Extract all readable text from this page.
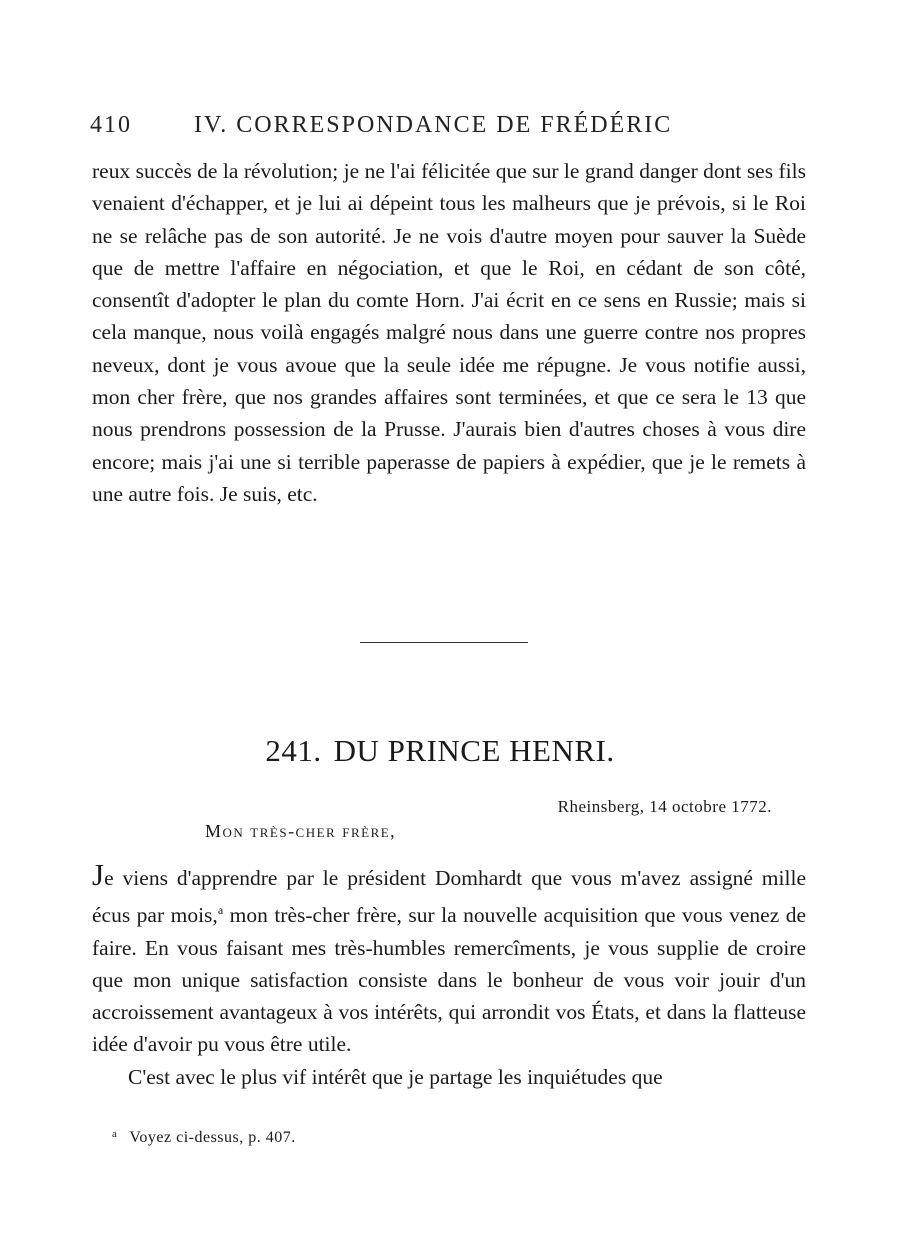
410	IV. CORRESPONDANCE DE FRÉDÉRIC

reux succès de la révolution; je ne l'ai félicitée que sur le grand danger dont ses fils venaient d'échapper, et je lui ai dépeint tous les malheurs que je prévois, si le Roi ne se relâche pas de son autorité. Je ne vois d'autre moyen pour sauver la Suède que de mettre l'affaire en négociation, et que le Roi, en cédant de son côté, consentît d'adopter le plan du comte Horn. J'ai écrit en ce sens en Russie; mais si cela manque, nous voilà engagés malgré nous dans une guerre contre nos propres neveux, dont je vous avoue que la seule idée me répugne. Je vous notifie aussi, mon cher frère, que nos grandes affaires sont terminées, et que ce sera le 13 que nous prendrons possession de la Prusse. J'aurais bien d'autres choses à vous dire encore; mais j'ai une si terrible paperasse de papiers à expédier, que je le remets à une autre fois. Je suis, etc.

241. DU PRINCE HENRI.
Rheinsberg, 14 octobre 1772.
Mon très-cher frère,

Je viens d'apprendre par le président Domhardt que vous m'avez assigné mille écus par mois,$^a$ mon très-cher frère, sur la nouvelle acquisition que vous venez de faire. En vous faisant mes très-humbles remercîments, je vous supplie de croire que mon unique satisfaction consiste dans le bonheur de vous voir jouir d'un accroissement avantageux à vos intérêts, qui arrondit vos États, et dans la flatteuse idée d'avoir pu vous être utile.

C'est avec le plus vif intérêt que je partage les inquiétudes que

$^a$ Voyez ci-dessus, p. 407.
